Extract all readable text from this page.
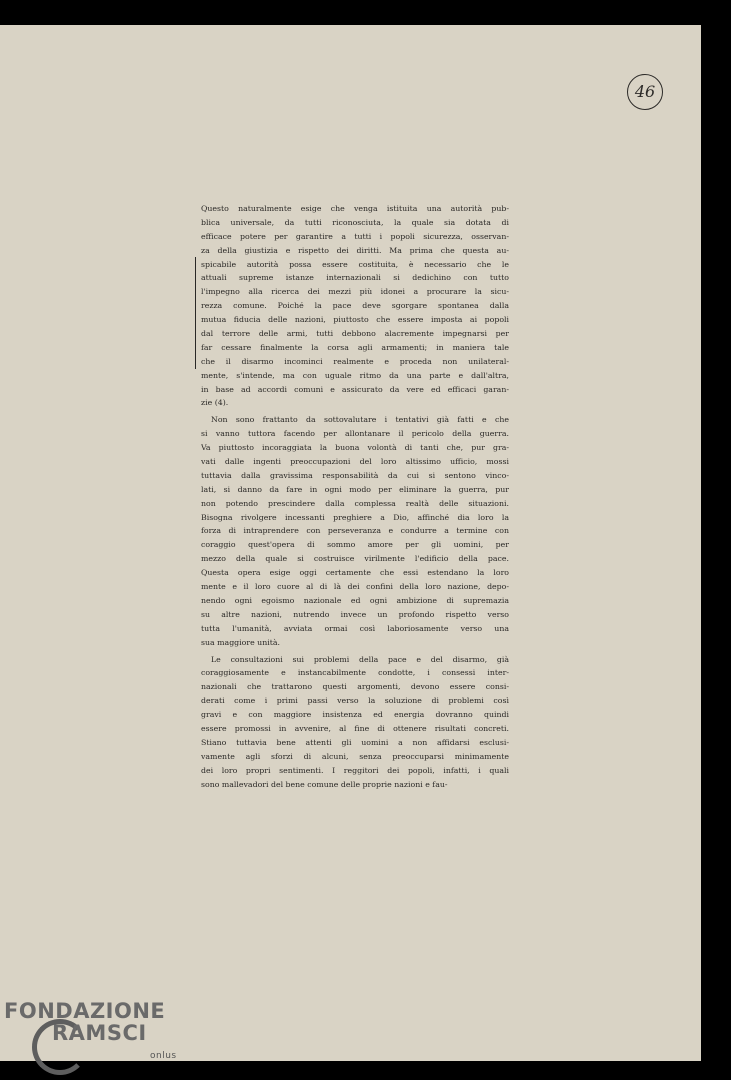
46
Questo naturalmente esige che venga istituita una autorità pub-
blica universale, da tutti riconosciuta, la quale sia dotata di
efficace potere per garantire a tutti i popoli sicurezza, osservan-
za della giustizia e rispetto dei diritti. Ma prima che questa au-
spicabile autorità possa essere costituita, è necessario che le
attuali supreme istanze internazionali si dedichino con tutto
l'impegno alla ricerca dei mezzi più idonei a procurare la sicu-
rezza comune. Poiché la pace deve sgorgare spontanea dalla
mutua fiducia delle nazioni, piuttosto che essere imposta ai popoli
dal terrore delle armi, tutti debbono alacremente impegnarsi per
far cessare finalmente la corsa agli armamenti; in maniera tale
che il disarmo incominci realmente e proceda non unilateral-
mente, s'intende, ma con uguale ritmo da una parte e dall'altra,
in base ad accordi comuni e assicurato da vere ed efficaci garan-
zie (4).
Non sono frattanto da sottovalutare i tentativi già fatti e che
si vanno tuttora facendo per allontanare il pericolo della guerra.
Va piuttosto incoraggiata la buona volontà di tanti che, pur gra-
vati dalle ingenti preoccupazioni del loro altissimo ufficio, mossi
tuttavia dalla gravissima responsabilità da cui si sentono vinco-
lati, si danno da fare in ogni modo per eliminare la guerra, pur
non potendo prescindere dalla complessa realtà delle situazioni.
Bisogna rivolgere incessanti preghiere a Dio, affinché dia loro la
forza di intraprendere con perseveranza e condurre a termine con
coraggio quest'opera di sommo amore per gli uomini, per
mezzo della quale si costruisce virilmente l'edificio della pace.
Questa opera esige oggi certamente che essi estendano la loro
mente e il loro cuore al di là dei confini della loro nazione, depo-
nendo ogni egoismo nazionale ed ogni ambizione di supremazia
su altre nazioni, nutrendo invece un profondo rispetto verso
tutta l'umanità, avviata ormai così laboriosamente verso una
sua maggiore unità.
Le consultazioni sui problemi della pace e del disarmo, già
coraggiosamente e instancabilmente condotte, i consessi inter-
nazionali che trattarono questi argomenti, devono essere consi-
derati come i primi passi verso la soluzione di problemi così
gravi e con maggiore insistenza ed energia dovranno quindi
essere promossi in avvenire, al fine di ottenere risultati concreti.
Stiano tuttavia bene attenti gli uomini a non affidarsi esclusi-
vamente agli sforzi di alcuni, senza preoccuparsi minimamente
dei loro propri sentimenti. I reggitori dei popoli, infatti, i quali
sono mallevadori del bene comune delle proprie nazioni e fau-
FONDAZIONE
RAMSCI
onlus
